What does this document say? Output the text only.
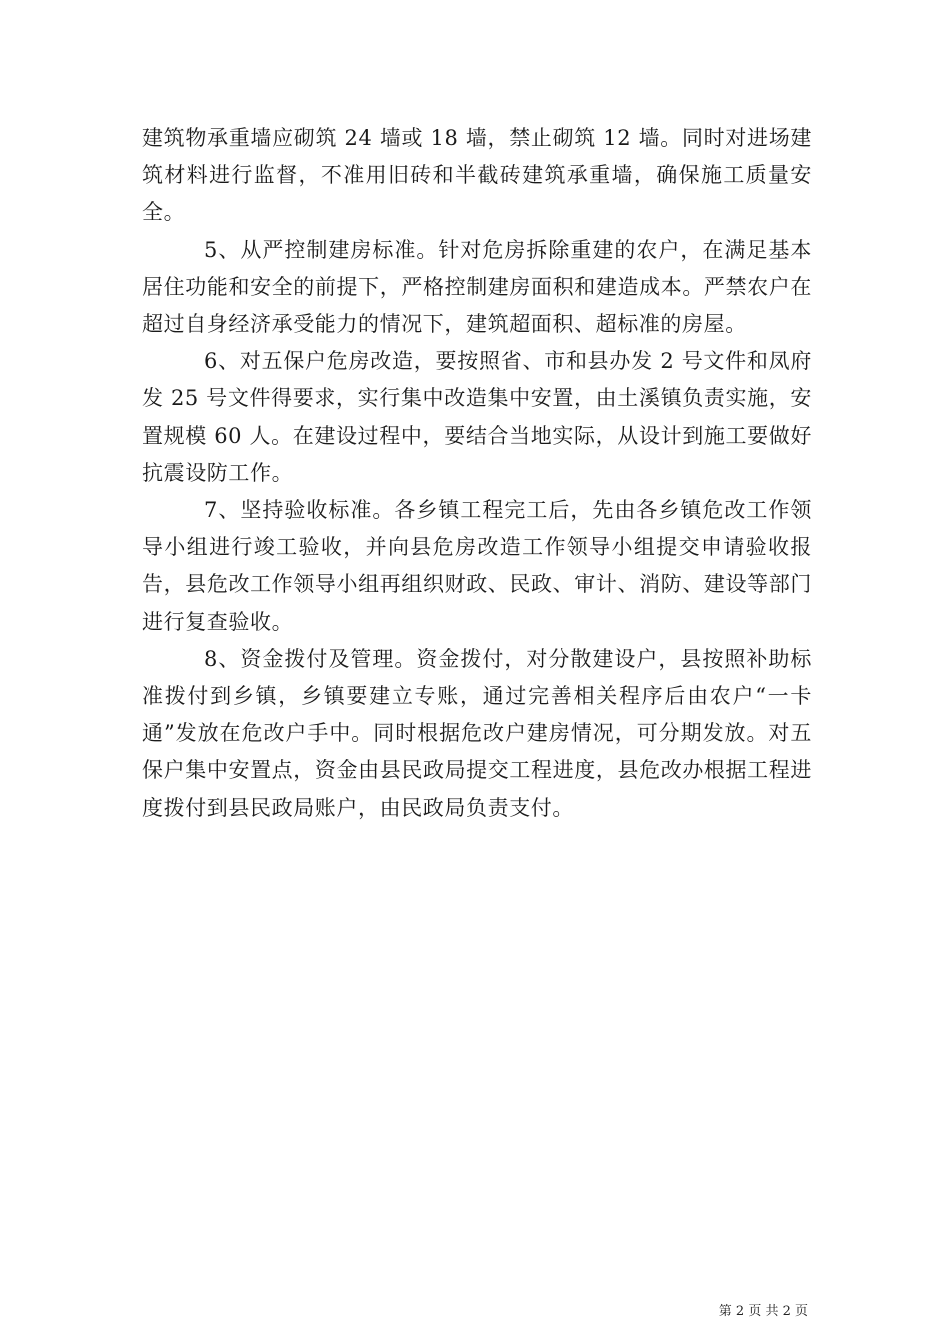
建筑物承重墙应砌筑 24 墙或 18 墙，禁止砌筑 12 墙。同时对进场建筑材料进行监督，不准用旧砖和半截砖建筑承重墙，确保施工质量安全。

5、从严控制建房标准。针对危房拆除重建的农户，在满足基本居住功能和安全的前提下，严格控制建房面积和建造成本。严禁农户在超过自身经济承受能力的情况下，建筑超面积、超标准的房屋。

6、对五保户危房改造，要按照省、市和县办发 2 号文件和凤府发 25 号文件得要求，实行集中改造集中安置，由土溪镇负责实施，安置规模 60 人。在建设过程中，要结合当地实际，从设计到施工要做好抗震设防工作。

7、坚持验收标准。各乡镇工程完工后，先由各乡镇危改工作领导小组进行竣工验收，并向县危房改造工作领导小组提交申请验收报告，县危改工作领导小组再组织财政、民政、审计、消防、建设等部门进行复查验收。

8、资金拨付及管理。资金拨付，对分散建设户，县按照补助标准拨付到乡镇，乡镇要建立专账，通过完善相关程序后由农户“一卡通”发放在危改户手中。同时根据危改户建房情况，可分期发放。对五保户集中安置点，资金由县民政局提交工程进度，县危改办根据工程进度拨付到县民政局账户，由民政局负责支付。

第 2 页 共 2 页
